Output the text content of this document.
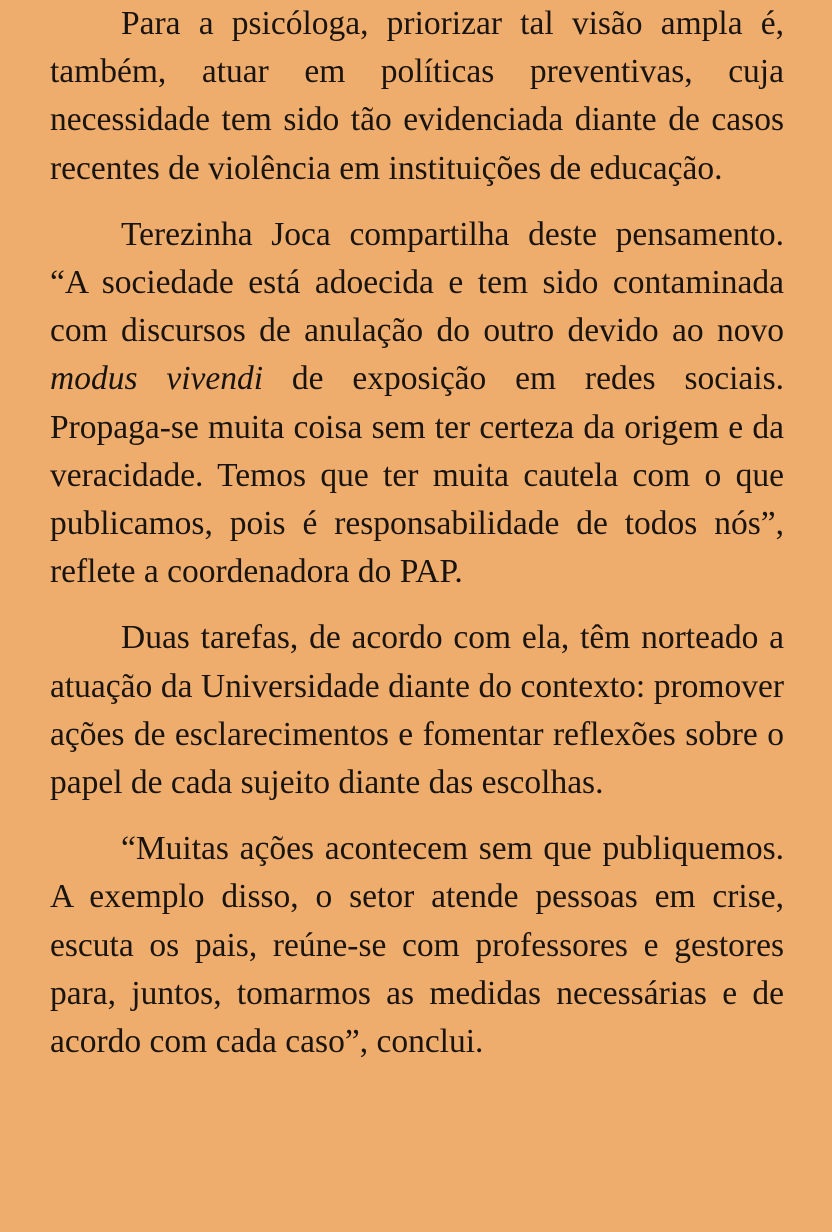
Para a psicóloga, priorizar tal visão ampla é, também, atuar em políticas preventivas, cuja necessidade tem sido tão evidenciada diante de casos recentes de violência em instituições de educação.

Terezinha Joca compartilha deste pensamento. “A sociedade está adoecida e tem sido contaminada com discursos de anulação do outro devido ao novo modus vivendi de exposição em redes sociais. Propaga-se muita coisa sem ter certeza da origem e da veracidade. Temos que ter muita cautela com o que publicamos, pois é responsabilidade de todos nós”, reflete a coordenadora do PAP.

Duas tarefas, de acordo com ela, têm norteado a atuação da Universidade diante do contexto: promover ações de esclarecimentos e fomentar reflexões sobre o papel de cada sujeito diante das escolhas.

“Muitas ações acontecem sem que publiquemos. A exemplo disso, o setor atende pessoas em crise, escuta os pais, reúne-se com professores e gestores para, juntos, tomarmos as medidas necessárias e de acordo com cada caso”, conclui.
